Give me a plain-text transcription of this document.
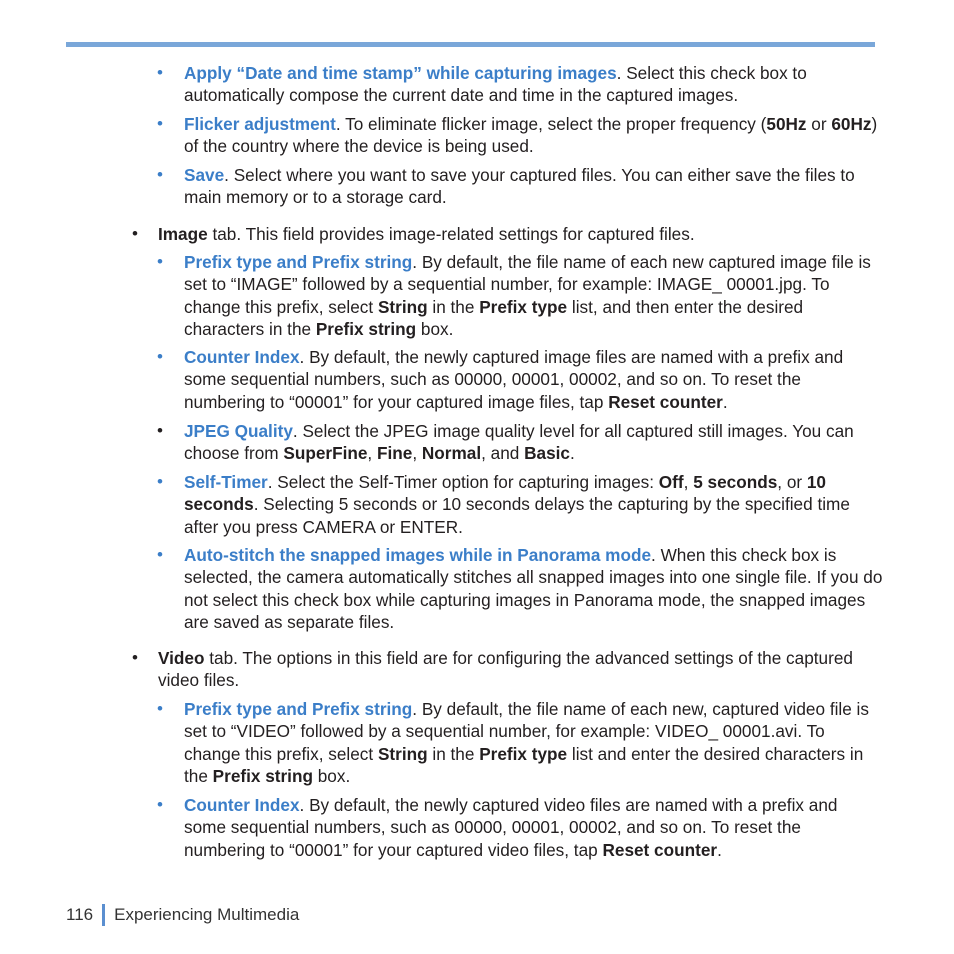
• Apply “Date and time stamp” while capturing images. Select this check box to automatically compose the current date and time in the captured images.
• Flicker adjustment. To eliminate flicker image, select the proper frequency (50Hz or 60Hz) of the country where the device is being used.
• Save. Select where you want to save your captured files. You can either save the files to main memory or to a storage card.
• Image tab. This field provides image-related settings for captured files.
• Prefix type and Prefix string. By default, the file name of each new captured image file is set to “IMAGE” followed by a sequential number, for example: IMAGE_ 00001.jpg. To change this prefix, select String in the Prefix type list, and then enter the desired characters in the Prefix string box.
• Counter Index. By default, the newly captured image files are named with a prefix and some sequential numbers, such as 00000, 00001, 00002, and so on. To reset the numbering to “00001” for your captured image files, tap Reset counter.
• JPEG Quality. Select the JPEG image quality level for all captured still images. You can choose from SuperFine, Fine, Normal, and Basic.
• Self-Timer. Select the Self-Timer option for capturing images: Off, 5 seconds, or 10 seconds. Selecting 5 seconds or 10 seconds delays the capturing by the specified time after you press CAMERA or ENTER.
• Auto-stitch the snapped images while in Panorama mode. When this check box is selected, the camera automatically stitches all snapped images into one single file. If you do not select this check box while capturing images in Panorama mode, the snapped images are saved as separate files.
• Video tab. The options in this field are for configuring the advanced settings of the captured video files.
• Prefix type and Prefix string. By default, the file name of each new, captured video file is set to “VIDEO” followed by a sequential number, for example: VIDEO_ 00001.avi. To change this prefix, select String in the Prefix type list and enter the desired characters in the Prefix string box.
• Counter Index. By default, the newly captured video files are named with a prefix and some sequential numbers, such as 00000, 00001, 00002, and so on. To reset the numbering to “00001” for your captured video files, tap Reset counter.
116 Experiencing Multimedia
